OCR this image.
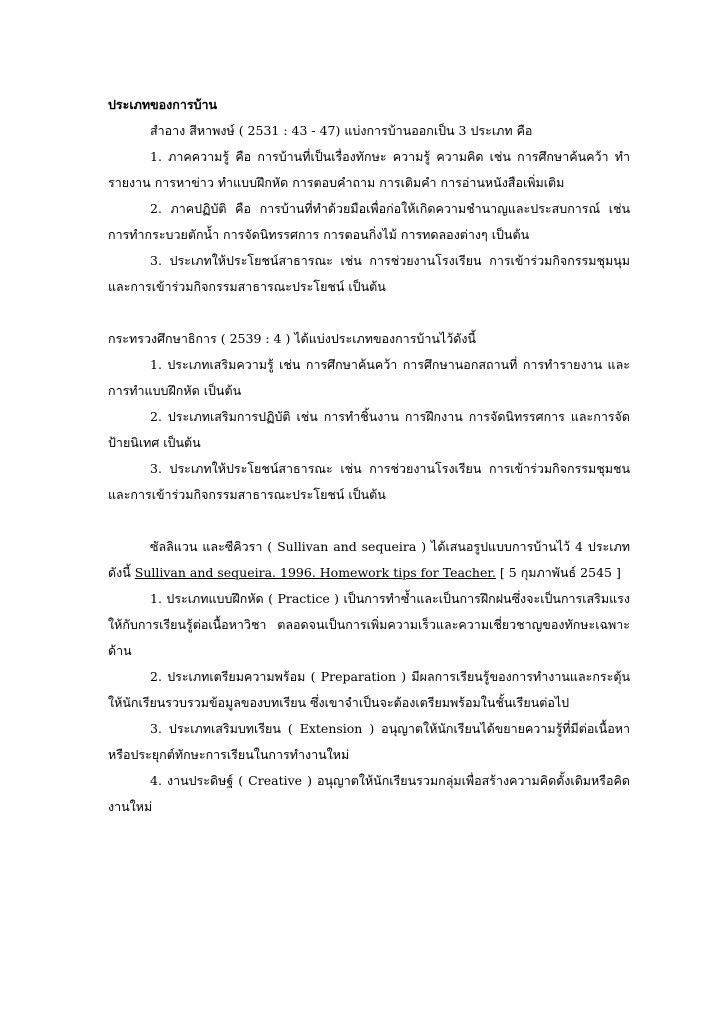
ประเภทของการบ้าน

สำอาง สีหาพงษ์ ( 2531 : 43 - 47) แบ่งการบ้านออกเป็น 3 ประเภท คือ

1. ภาคความรู้ คือ การบ้านที่เป็นเรื่องทักษะ ความรู้ ความคิด เช่น การศึกษาค้นคว้า ทำรายงาน การหาข่าว ทำแบบฝึกหัด การตอบคำถาม การเติมคำ การอ่านหนังสือเพิ่มเติม

2. ภาคปฏิบัติ คือ การบ้านที่ทำด้วยมือเพื่อก่อให้เกิดความชำนาญและประสบการณ์ เช่น การทำกระบวยตักน้ำ การจัดนิทรรศการ การตอนกิ่งไม้ การทดลองต่างๆ เป็นต้น

3. ประเภทให้ประโยชน์สาธารณะ เช่น การช่วยงานโรงเรียน การเข้าร่วมกิจกรรมชุมนุม และการเข้าร่วมกิจกรรมสาธารณะประโยชน์ เป็นต้น

กระทรวงศึกษาธิการ ( 2539 : 4 ) ได้แบ่งประเภทของการบ้านไว้ดังนี้

1. ประเภทเสริมความรู้ เช่น การศึกษาค้นคว้า การศึกษานอกสถานที่ การทำรายงาน และการทำแบบฝึกหัด เป็นต้น

2. ประเภทเสริมการปฏิบัติ เช่น การทำชิ้นงาน การฝึกงาน การจัดนิทรรศการ และการจัดป้ายนิเทศ เป็นต้น

3. ประเภทให้ประโยชน์สาธารณะ เช่น การช่วยงานโรงเรียน การเข้าร่วมกิจกรรมชุมชน และการเข้าร่วมกิจกรรมสาธารณะประโยชน์ เป็นต้น

ซัลลิแวน และซีคิวรา ( Sullivan and sequeira ) ได้เสนอรูปแบบการบ้านไว้ 4 ประเภท ดังนี้ Sullivan and sequeira. 1996. Homework tips for Teacher. [ 5 กุมภาพันธ์ 2545 ]

1. ประเภทแบบฝึกหัด ( Practice ) เป็นการทำซ้ำและเป็นการฝึกฝนซึ่งจะเป็นการเสริมแรงให้กับการเรียนรู้ต่อเนื้อหาวิชา ตลอดจนเป็นการเพิ่มความเร็วและความเชี่ยวชาญของทักษะเฉพาะด้าน

2. ประเภทเตรียมความพร้อม ( Preparation ) มีผลการเรียนรู้ของการทำงานและกระตุ้นให้นักเรียนรวบรวมข้อมูลของบทเรียน ซึ่งเขาจำเป็นจะต้องเตรียมพร้อมในชั้นเรียนต่อไป

3. ประเภทเสริมบทเรียน ( Extension ) อนุญาตให้นักเรียนได้ขยายความรู้ที่มีต่อเนื้อหาหรือประยุกต์ทักษะการเรียนในการทำงานใหม่

4. งานประดิษฐ์ ( Creative ) อนุญาตให้นักเรียนรวมกลุ่มเพื่อสร้างความคิดดั้งเดิมหรือคิดงานใหม่
